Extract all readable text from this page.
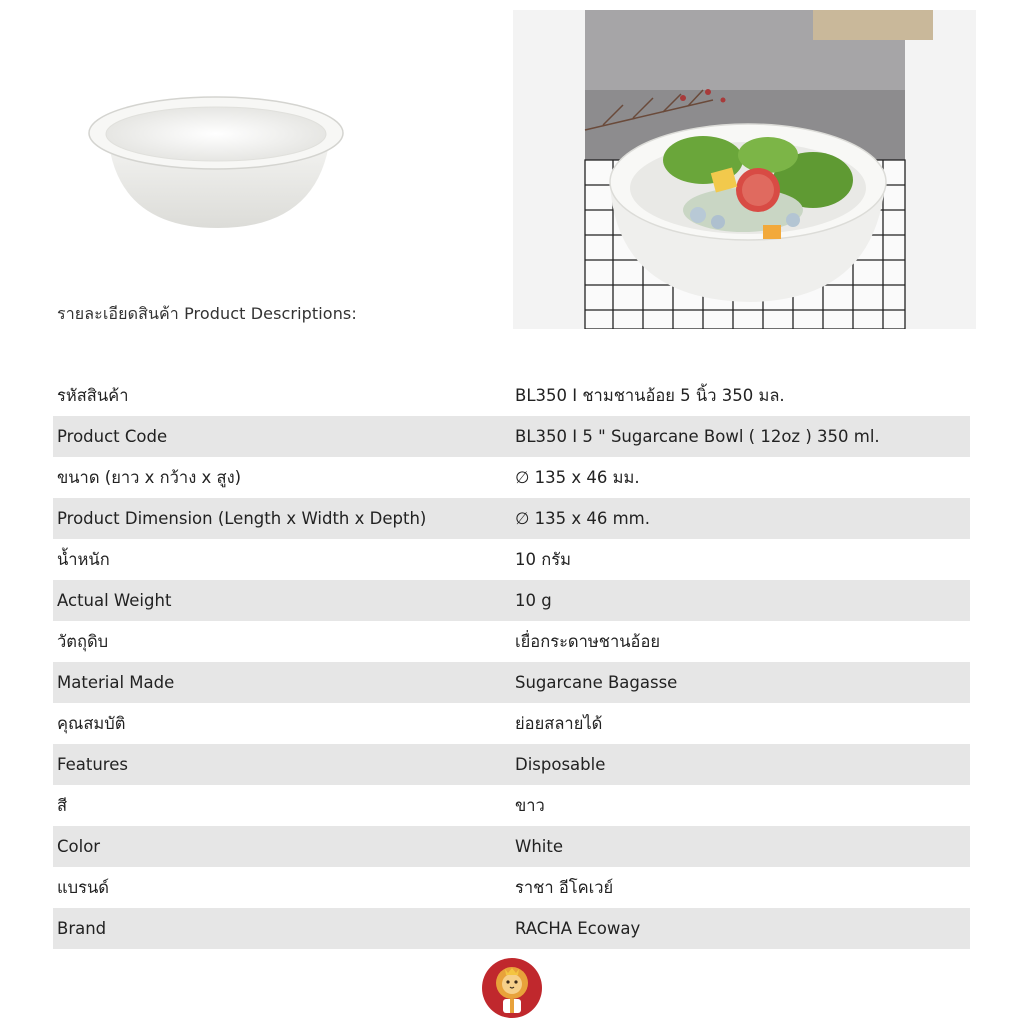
รายละเอียดสินค้า Product Descriptions:
รหัสสินค้า	BL350 I ชามชานอ้อย 5 นิ้ว 350 มล.
Product Code	BL350 I 5 " Sugarcane Bowl ( 12oz ) 350 ml.
ขนาด (ยาว x กว้าง x สูง)	∅ 135 x 46 มม.
Product Dimension (Length x Width x Depth)	∅ 135 x 46 mm.
น้ำหนัก	10 กรัม
Actual Weight	10 g
วัตถุดิบ	เยื่อกระดาษชานอ้อย
Material Made	Sugarcane Bagasse
คุณสมบัติ	ย่อยสลายได้
Features	Disposable
สี	ขาว
Color	White
แบรนด์	ราชา อีโคเวย์
Brand	RACHA Ecoway
